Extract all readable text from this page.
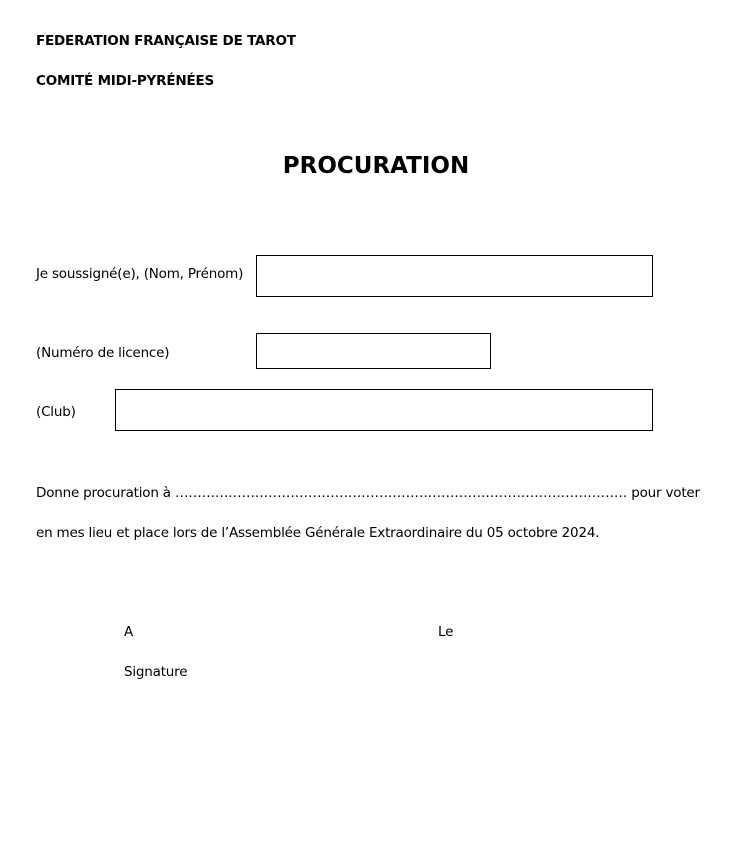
FEDERATION FRANÇAISE DE TAROT
COMITÉ MIDI-PYRÉNÉES
PROCURATION
Je soussigné(e), (Nom, Prénom)
(Numéro de licence)
(Club)
Donne procuration à ………………………………………………………………………………………… pour voter
en mes lieu et place lors de l’Assemblée Générale Extraordinaire du 05 octobre 2024.
A	Le
Signature
